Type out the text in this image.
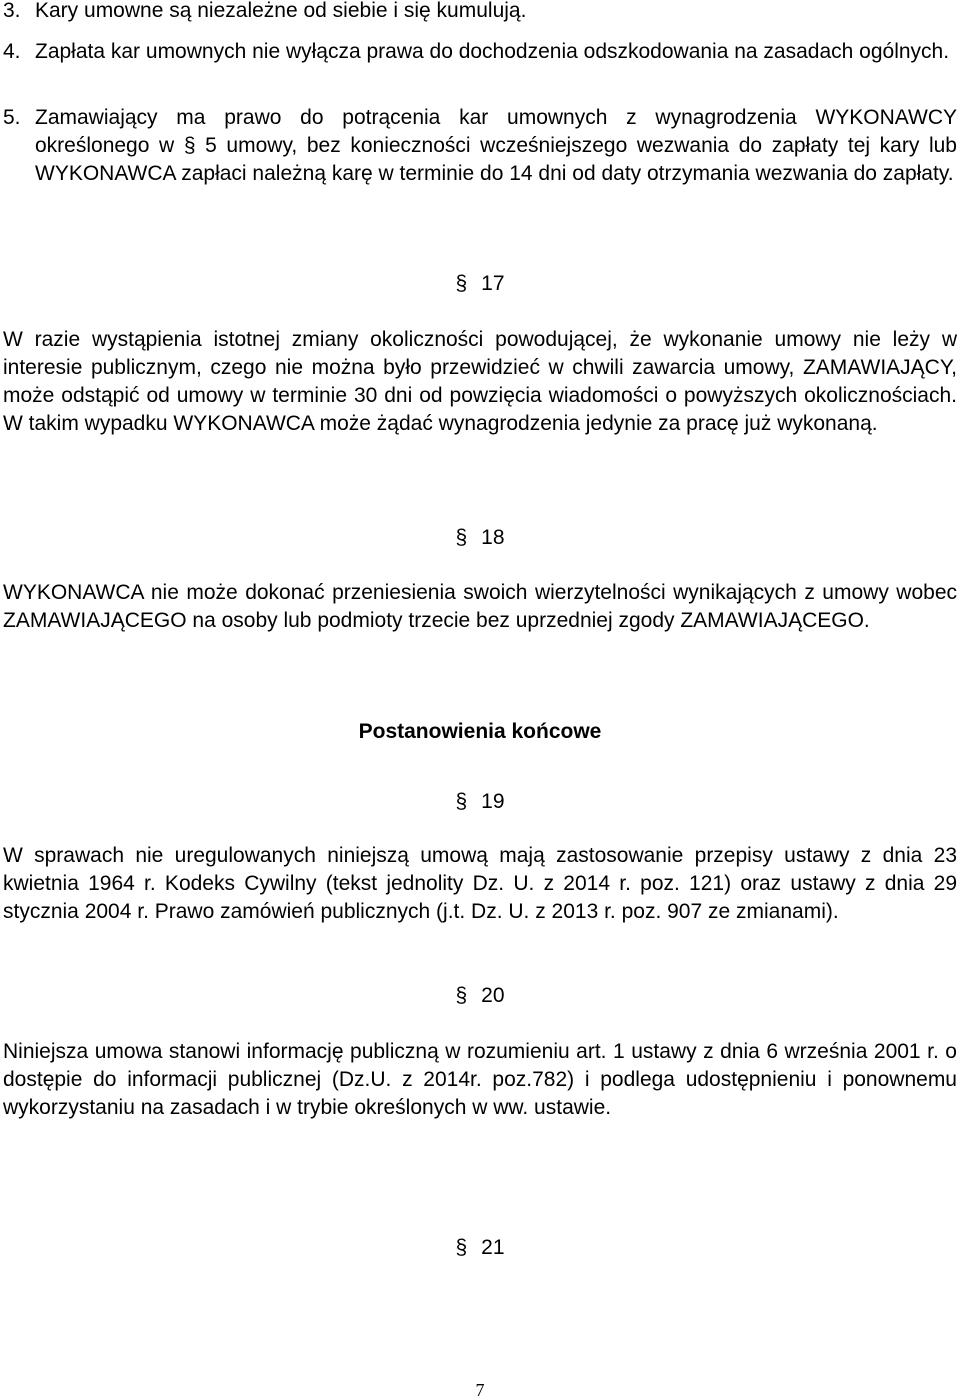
3. Kary umowne są niezależne od siebie i się kumulują.
4. Zapłata kar umownych nie wyłącza prawa do dochodzenia odszkodowania na zasadach ogólnych.
5. Zamawiający ma prawo do potrącenia kar umownych z wynagrodzenia WYKONAWCY określonego w § 5 umowy, bez konieczności wcześniejszego wezwania do zapłaty tej kary lub WYKONAWCA zapłaci należną karę w terminie do 14 dni od daty otrzymania wezwania do zapłaty.
§ 17
W razie wystąpienia istotnej zmiany okoliczności powodującej, że wykonanie umowy nie leży w interesie publicznym, czego nie można było przewidzieć w chwili zawarcia umowy, ZAMAWIAJĄCY, może odstąpić od umowy w terminie 30 dni od powzięcia wiadomości o powyższych okolicznościach. W takim wypadku WYKONAWCA może żądać wynagrodzenia jedynie za pracę już wykonaną.
§ 18
WYKONAWCA nie może dokonać przeniesienia swoich wierzytelności wynikających z umowy wobec ZAMAWIAJĄCEGO na osoby lub podmioty trzecie bez uprzedniej zgody ZAMAWIAJĄCEGO.
Postanowienia końcowe
§ 19
W sprawach nie uregulowanych niniejszą umową mają zastosowanie przepisy ustawy z dnia 23 kwietnia 1964 r. Kodeks Cywilny (tekst jednolity Dz. U. z 2014 r. poz. 121) oraz ustawy z dnia 29 stycznia 2004 r. Prawo zamówień publicznych (j.t. Dz. U. z 2013 r. poz. 907 ze zmianami).
§ 20
Niniejsza umowa stanowi informację publiczną w rozumieniu art. 1 ustawy z dnia 6 września 2001 r. o dostępie do informacji publicznej (Dz.U. z 2014r. poz.782) i podlega udostępnieniu i ponownemu wykorzystaniu na zasadach i w trybie określonych w ww. ustawie.
§ 21
7
